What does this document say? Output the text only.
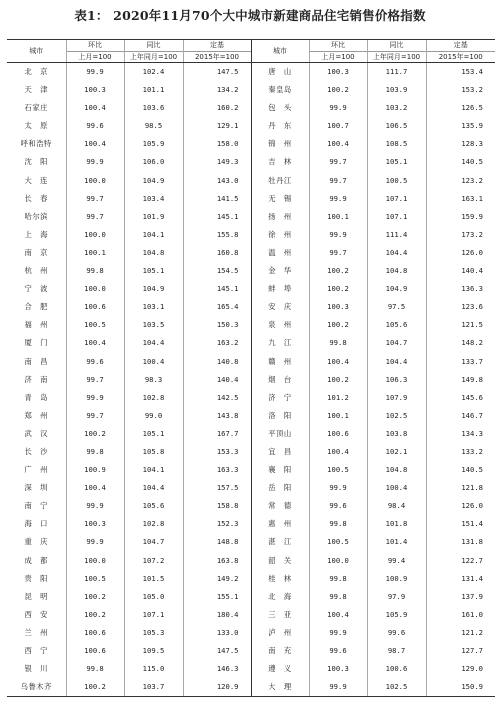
表1： 2020年11月70个大中城市新建商品住宅销售价格指数
城市	环比	同比	定基	城市	环比	同比	定基
	上月=100	上年同月=100	2015年=100		上月=100	上年同月=100	2015年=100
北　京	99.9	102.4	147.5	唐　山	100.3	111.7	153.4
天　津	100.3	101.1	134.2	秦皇岛	100.2	103.9	153.2
石家庄	100.4	103.6	160.2	包　头	99.9	103.2	126.5
太　原	99.6	98.5	129.1	丹　东	100.7	106.5	135.9
呼和浩特	100.4	105.9	158.0	锦　州	100.4	108.5	128.3
沈　阳	99.9	106.0	149.3	吉　林	99.7	105.1	140.5
大　连	100.0	104.9	143.0	牡丹江	99.7	100.5	123.2
长　春	99.7	103.4	141.5	无　锡	99.9	107.1	163.1
哈尔滨	99.7	101.9	145.1	扬　州	100.1	107.1	159.9
上　海	100.0	104.1	155.8	徐　州	99.9	111.4	173.2
南　京	100.1	104.8	160.8	温　州	99.7	104.4	126.0
杭　州	99.8	105.1	154.5	金　华	100.2	104.8	140.4
宁　波	100.0	104.9	145.1	蚌　埠	100.2	104.9	136.3
合　肥	100.6	103.1	165.4	安　庆	100.3	97.5	123.6
福　州	100.5	103.5	150.3	泉　州	100.2	105.6	121.5
厦　门	100.4	104.4	163.2	九　江	99.8	104.7	148.2
南　昌	99.6	100.4	140.8	赣　州	100.4	104.4	133.7
济　南	99.7	98.3	140.4	烟　台	100.2	106.3	149.8
青　岛	99.9	102.8	142.5	济　宁	101.2	107.9	145.6
郑　州	99.7	99.0	143.8	洛　阳	100.1	102.5	146.7
武　汉	100.2	105.1	167.7	平顶山	100.6	103.8	134.3
长　沙	99.8	105.8	153.3	宜　昌	100.4	102.1	133.2
广　州	100.9	104.1	163.3	襄　阳	100.5	104.8	140.5
深　圳	100.4	104.4	157.5	岳　阳	99.9	100.4	121.8
南　宁	99.9	105.6	158.8	常　德	99.6	98.4	126.0
海　口	100.3	102.8	152.3	惠　州	99.8	101.8	151.4
重　庆	99.9	104.7	148.8	湛　江	100.5	101.4	131.8
成　都	100.0	107.2	163.8	韶　关	100.0	99.4	122.7
贵　阳	100.5	101.5	149.2	桂　林	99.8	100.9	131.4
昆　明	100.2	105.0	155.1	北　海	99.8	97.9	137.9
西　安	100.2	107.1	180.4	三　亚	100.4	105.9	161.0
兰　州	100.6	105.3	133.0	泸　州	99.9	99.6	121.2
西　宁	100.6	109.5	147.5	南　充	99.6	98.7	127.7
银　川	99.8	115.0	146.3	遵　义	100.3	100.6	129.0
乌鲁木齐	100.2	103.7	120.9	大　理	99.9	102.5	150.9
